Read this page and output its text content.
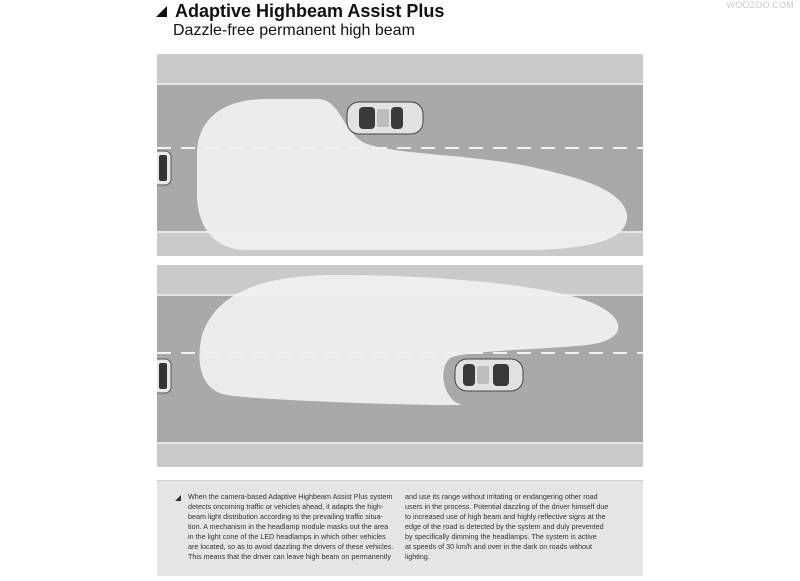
WOOZOO.COM
Adaptive Highbeam Assist Plus
Dazzle-free permanent high beam
When the camera-based Adaptive Highbeam Assist Plus system
detects oncoming traffic or vehicles ahead, it adapts the high-
beam light distribution according to the prevailing traffic situa-
tion. A mechanism in the headlamp module masks out the area
in the light cone of the LED headlamps in which other vehicles
are located, so as to avoid dazzling the drivers of these vehicles.
This means that the driver can leave high beam on permanently
and use its range without irritating or endangering other road
users in the process. Potential dazzling of the driver himself due
to increased use of high beam and highly reflective signs at the
edge of the road is detected by the system and duly prevented
by specifically dimming the headlamps. The system is active
at speeds of 30 km/h and over in the dark on roads without
lighting.
